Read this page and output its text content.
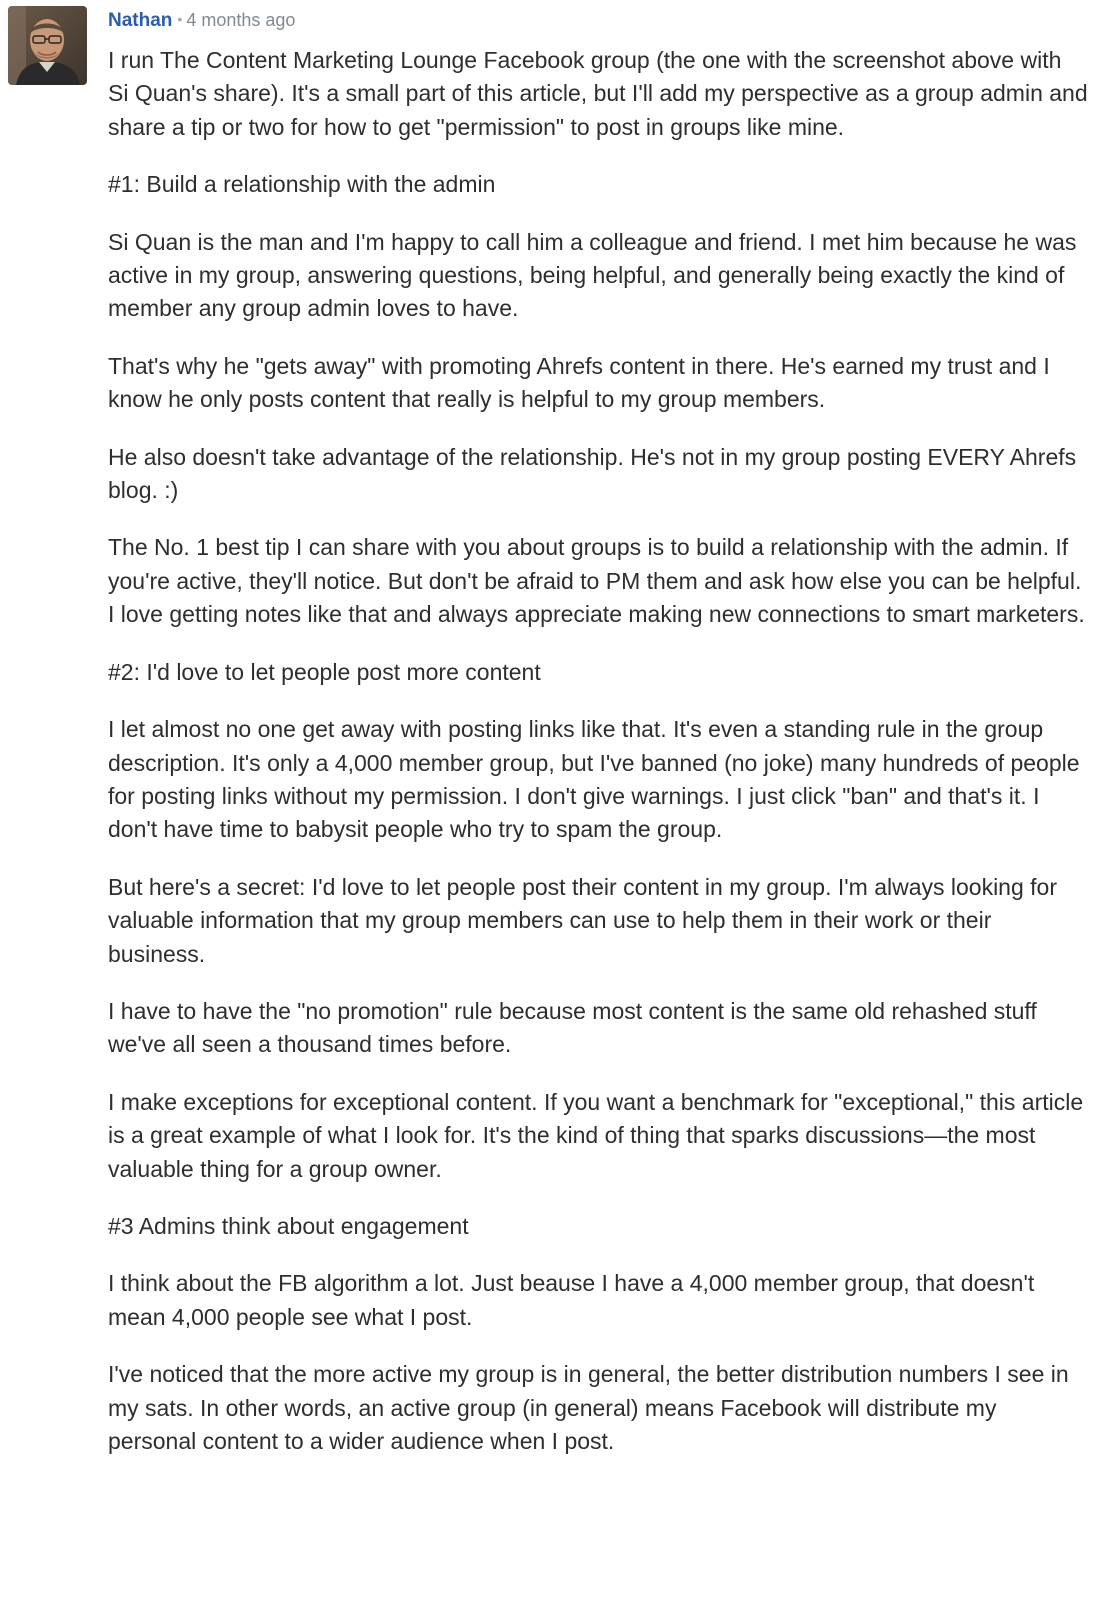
Nathan • 4 months ago

I run The Content Marketing Lounge Facebook group (the one with the screenshot above with Si Quan's share). It's a small part of this article, but I'll add my perspective as a group admin and share a tip or two for how to get "permission" to post in groups like mine.

#1: Build a relationship with the admin

Si Quan is the man and I'm happy to call him a colleague and friend. I met him because he was active in my group, answering questions, being helpful, and generally being exactly the kind of member any group admin loves to have.

That's why he "gets away" with promoting Ahrefs content in there. He's earned my trust and I know he only posts content that really is helpful to my group members.

He also doesn't take advantage of the relationship. He's not in my group posting EVERY Ahrefs blog. :)

The No. 1 best tip I can share with you about groups is to build a relationship with the admin. If you're active, they'll notice. But don't be afraid to PM them and ask how else you can be helpful. I love getting notes like that and always appreciate making new connections to smart marketers.

#2: I'd love to let people post more content

I let almost no one get away with posting links like that. It's even a standing rule in the group description. It's only a 4,000 member group, but I've banned (no joke) many hundreds of people for posting links without my permission. I don't give warnings. I just click "ban" and that's it. I don't have time to babysit people who try to spam the group.

But here's a secret: I'd love to let people post their content in my group. I'm always looking for valuable information that my group members can use to help them in their work or their business.

I have to have the "no promotion" rule because most content is the same old rehashed stuff we've all seen a thousand times before.

I make exceptions for exceptional content. If you want a benchmark for "exceptional," this article is a great example of what I look for. It's the kind of thing that sparks discussions—the most valuable thing for a group owner.

#3 Admins think about engagement

I think about the FB algorithm a lot. Just beause I have a 4,000 member group, that doesn't mean 4,000 people see what I post.

I've noticed that the more active my group is in general, the better distribution numbers I see in my sats. In other words, an active group (in general) means Facebook will distribute my personal content to a wider audience when I post.
